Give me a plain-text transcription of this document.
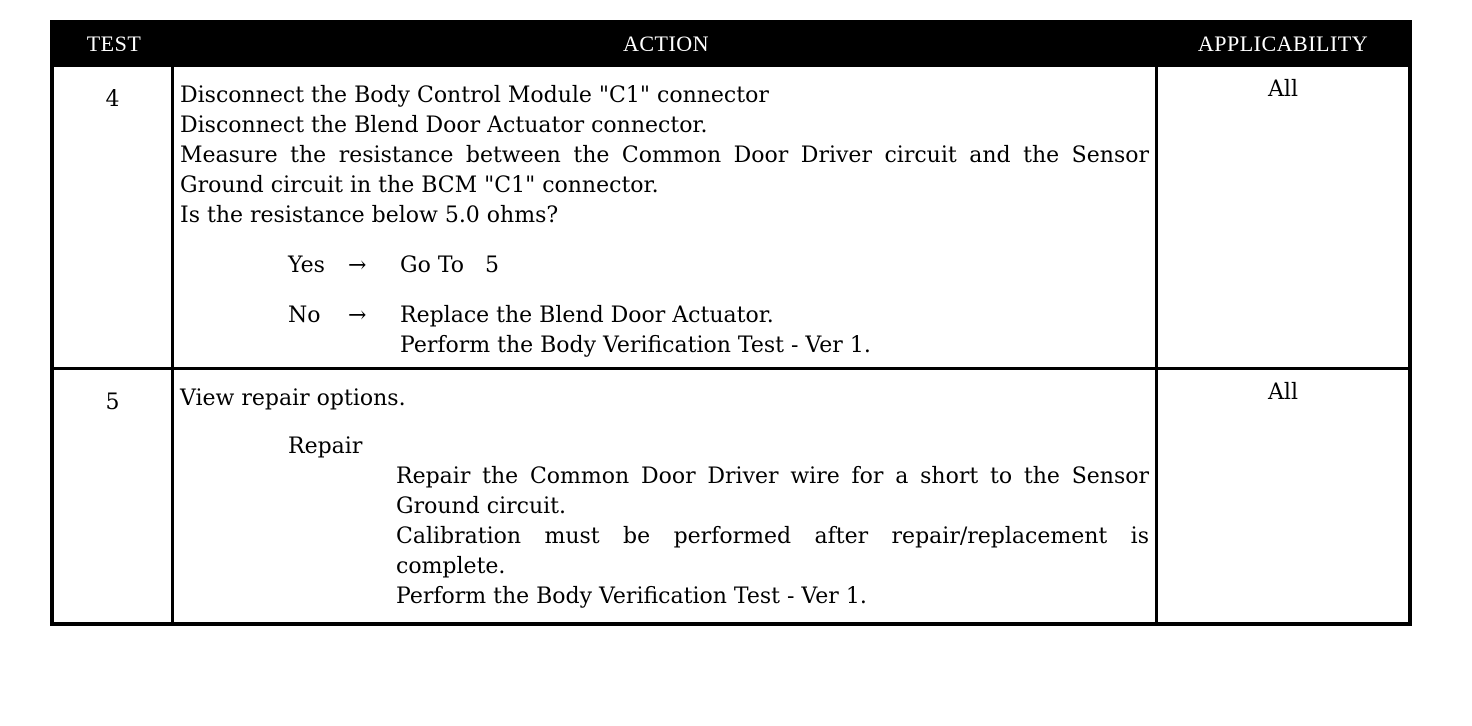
TEST	ACTION	APPLICABILITY
4	Disconnect the Body Control Module "C1" connector
Disconnect the Blend Door Actuator connector.
Measure the resistance between the Common Door Driver circuit and the Sensor Ground circuit in the BCM "C1" connector.
Is the resistance below 5.0 ohms?
Yes	→	Go To   5
No	→	Replace the Blend Door Actuator.
Perform the Body Verification Test - Ver 1.
All
5	View repair options.
Repair
Repair the Common Door Driver wire for a short to the Sensor Ground circuit.
Calibration must be performed after repair/replacement is complete.
Perform the Body Verification Test - Ver 1.
All
